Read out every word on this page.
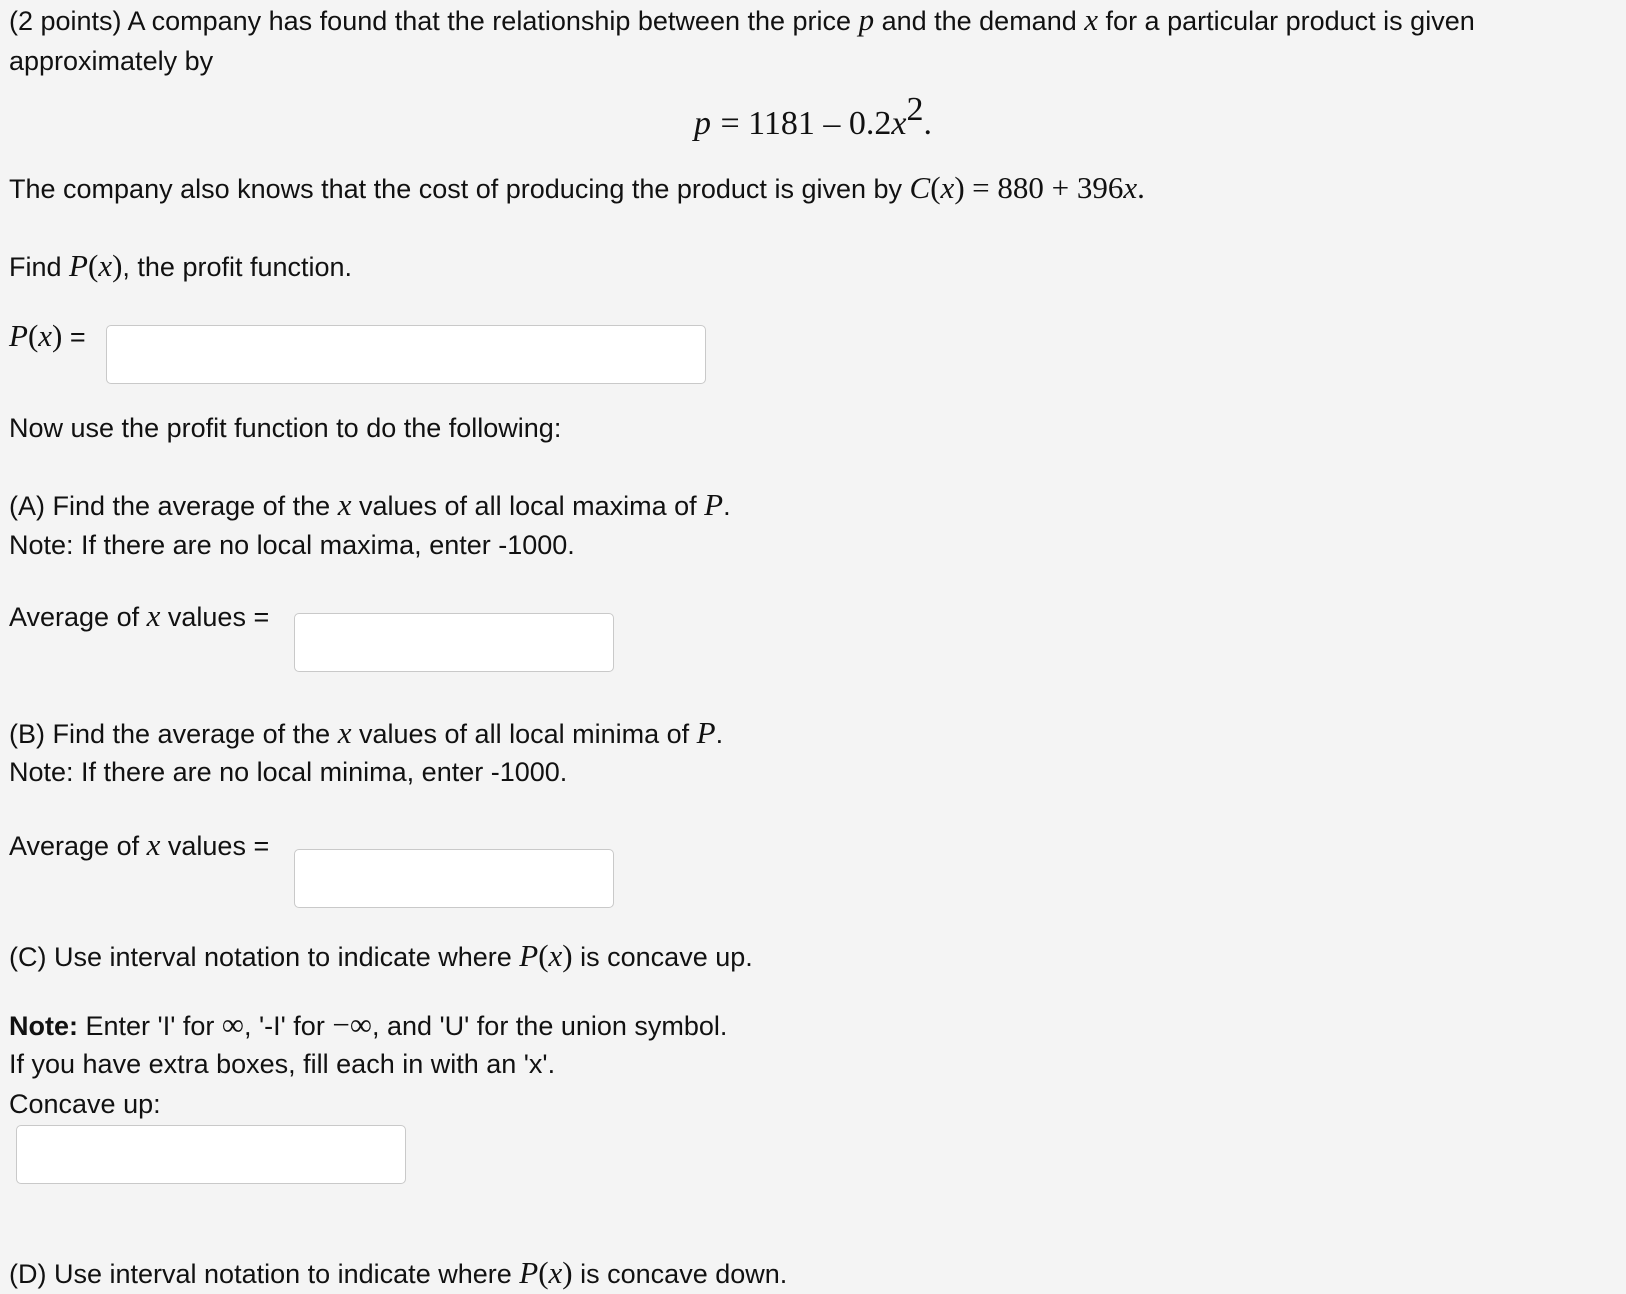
(2 points) A company has found that the relationship between the price p and the demand x for a particular product is given approximately by
$p = 1181 - 0.2x^2$.
The company also knows that the cost of producing the product is given by C(x) = 880 + 396x.
Find P(x), the profit function.
P(x) =
Now use the profit function to do the following:
(A) Find the average of the x values of all local maxima of P.
Note: If there are no local maxima, enter -1000.
Average of x values =
(B) Find the average of the x values of all local minima of P.
Note: If there are no local minima, enter -1000.
Average of x values =
(C) Use interval notation to indicate where P(x) is concave up.
Note: Enter 'I' for ∞, '-I' for −∞, and 'U' for the union symbol.
If you have extra boxes, fill each in with an 'x'.
Concave up:
(D) Use interval notation to indicate where P(x) is concave down.
